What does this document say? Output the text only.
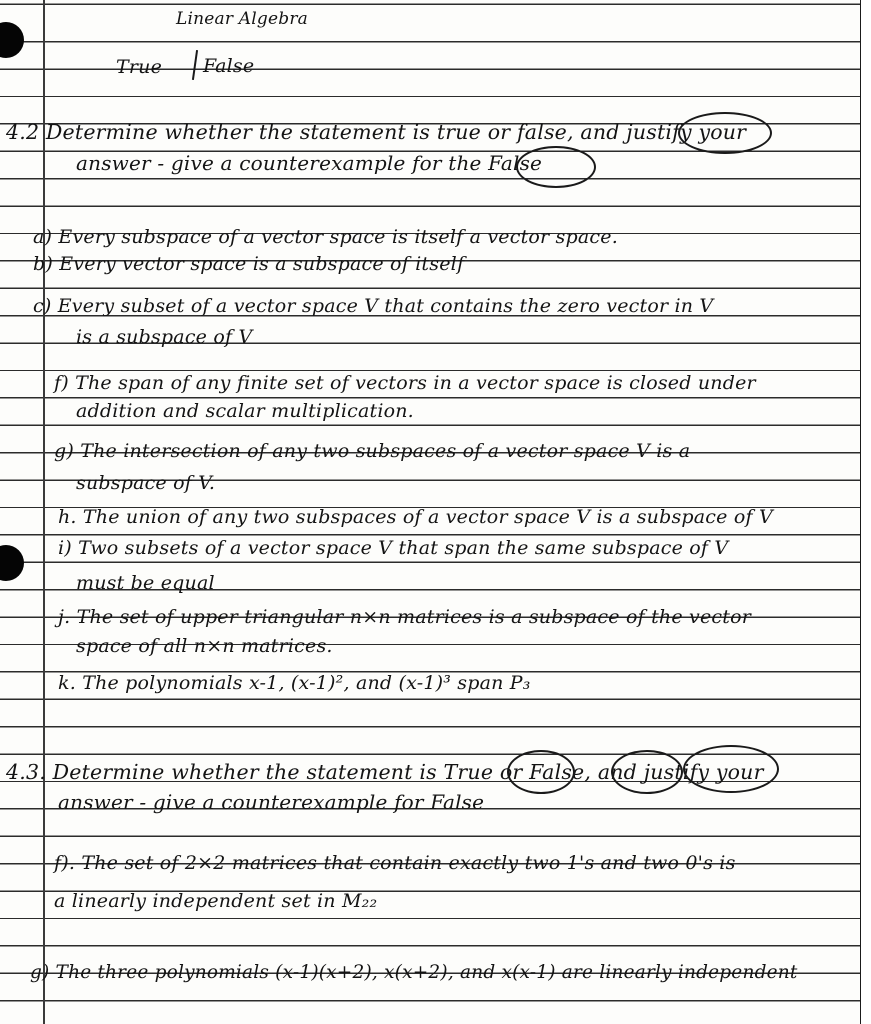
Linear Algebra
True False
4.2 Determine whether the statement is true or false, and justify your
answer - give a counterexample for the False
a) Every subspace of a vector space is itself a vector space.
b) Every vector space is a subspace of itself
c) Every subset of a vector space V that contains the zero vector in V
is a subspace of V
f) The span of any finite set of vectors in a vector space is closed under
addition and scalar multiplication.
g) The intersection of any two subspaces of a vector space V is a
subspace of V.
h. The union of any two subspaces of a vector space V is a subspace of V
i) Two subsets of a vector space V that span the same subspace of V
must be equal
j. The set of upper triangular n×n matrices is a subspace of the vector
space of all n×n matrices.
k. The polynomials x-1, (x-1)², and (x-1)³ span P₃
4.3. Determine whether the statement is True or False, and justify your
answer - give a counterexample for False
f). The set of 2×2 matrices that contain exactly two 1's and two 0's is
a linearly independent set in M₂₂
g) The three polynomials (x-1)(x+2), x(x+2), and x(x-1) are linearly independent
